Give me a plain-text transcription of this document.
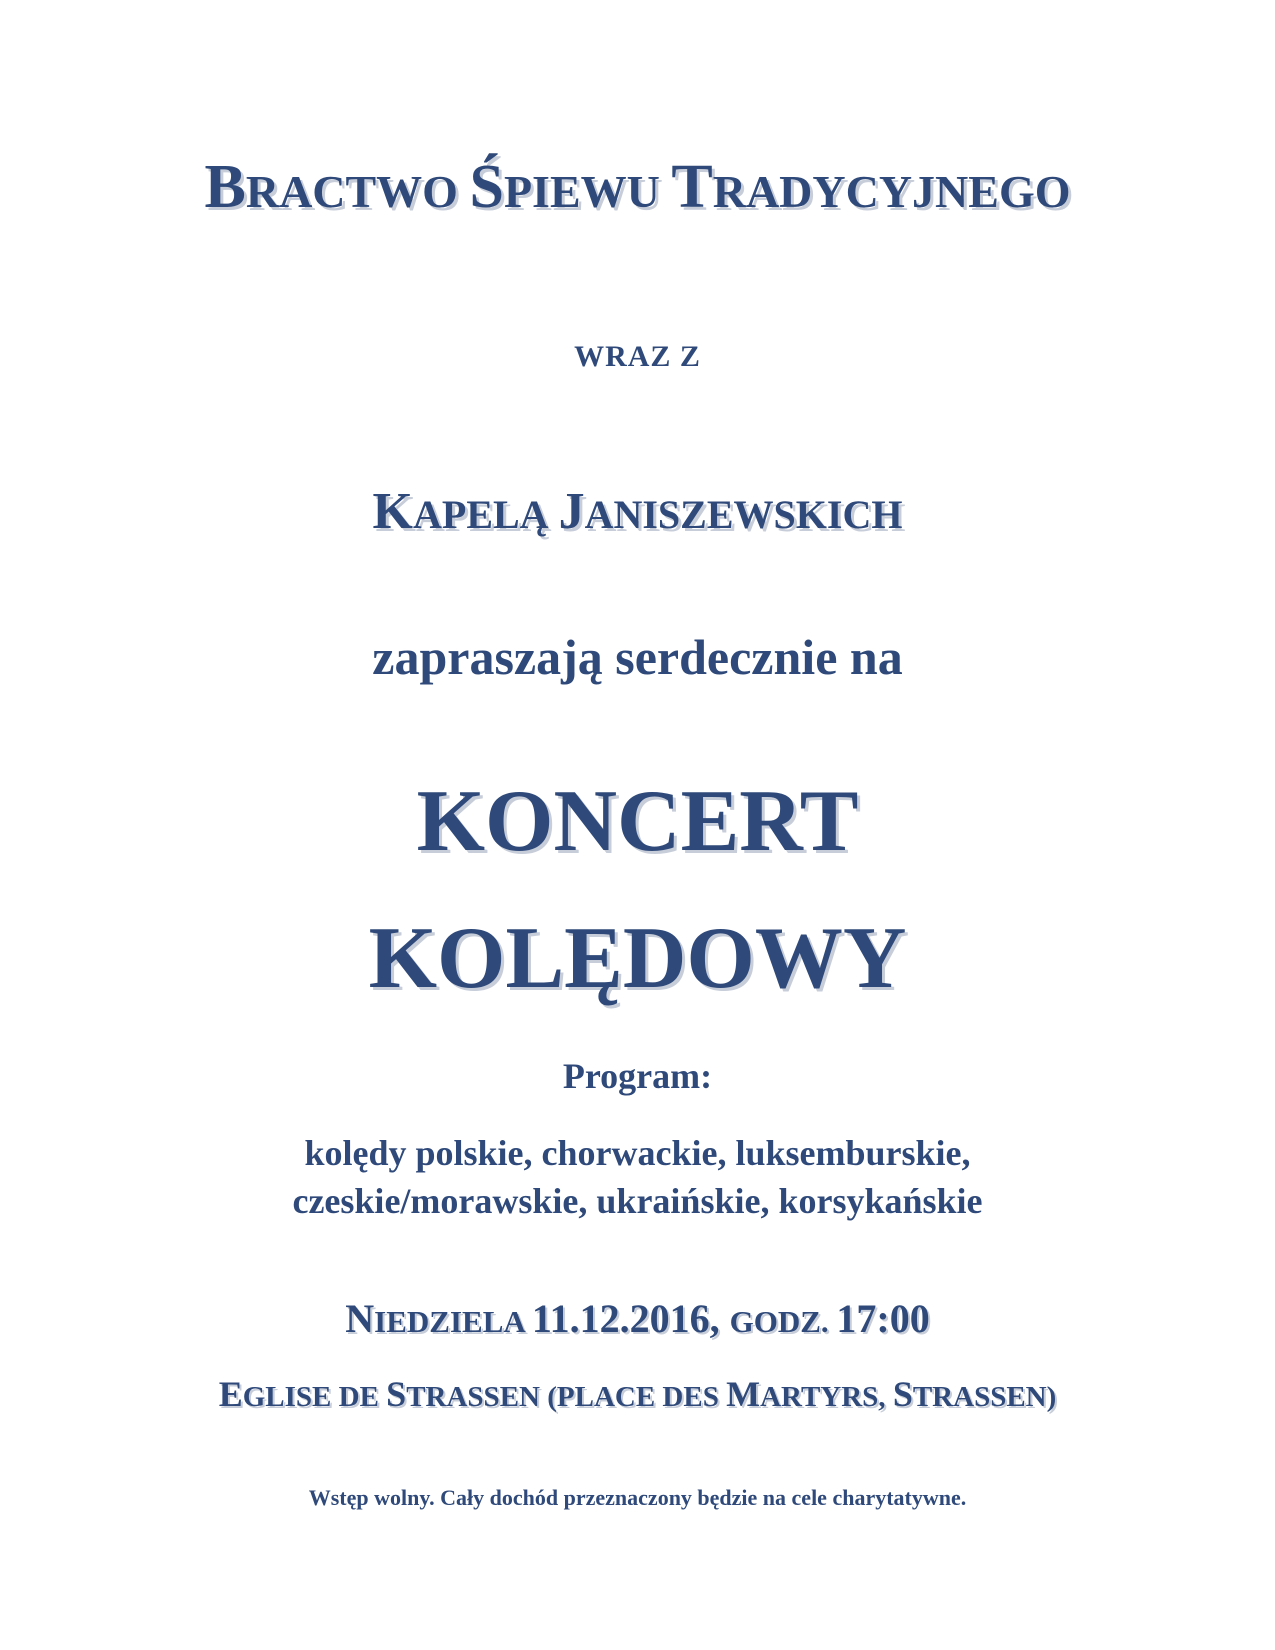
BRACTWO ŚPIEWU TRADYCYJNEGO
WRAZ Z
KAPELĄ JANISZEWSKICH
zapraszają serdecznie na
KONCERT
KOLĘDOWY
Program:
kolędy polskie, chorwackie, luksemburskie,
czeskie/morawskie, ukraińskie, korsykańskie
NIEDZIELA 11.12.2016, GODZ. 17:00
EGLISE DE STRASSEN (PLACE DES MARTYRS, STRASSEN)
Wstęp wolny. Cały dochód przeznaczony będzie na cele charytatywne.
